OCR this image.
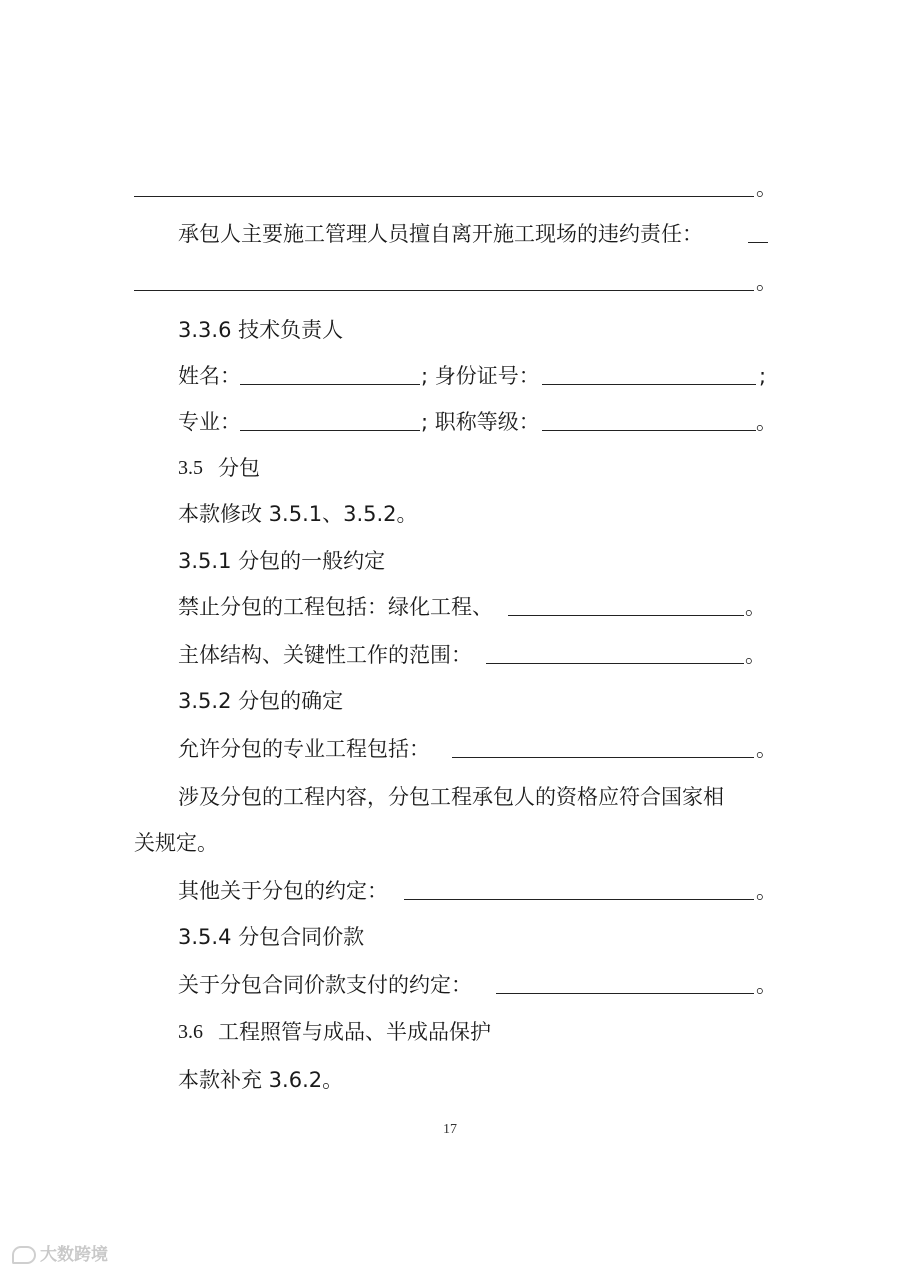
。
承包人主要施工管理人员擅自离开施工现场的违约责任：
。
3.3.6 技术负责人
姓名：	; 身份证号：	;
专业：	; 职称等级：	。
3.5 分包
本款修改 3.5.1、3.5.2。
3.5.1 分包的一般约定
禁止分包的工程包括：绿化工程、	。
主体结构、关键性工作的范围：	。
3.5.2 分包的确定
允许分包的专业工程包括：	。
涉及分包的工程内容，分包工程承包人的资格应符合国家相
关规定。
其他关于分包的约定：	。
3.5.4 分包合同价款
关于分包合同价款支付的约定：	。
3.6 工程照管与成品、半成品保护
本款补充 3.6.2。
17
大数跨境
